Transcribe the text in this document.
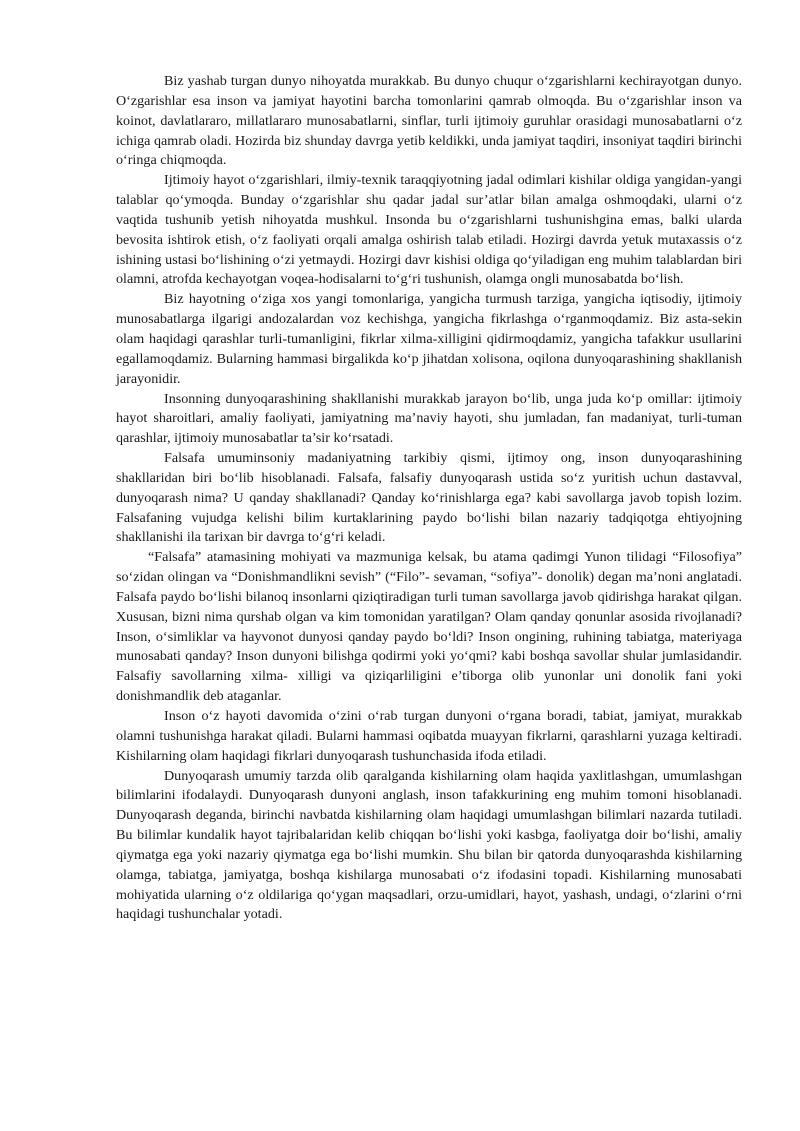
Biz yashab turgan dunyo nihoyatda murakkab. Bu dunyo chuqur o‘zgarishlarni kechirayotgan dunyo. O‘zgarishlar esa inson va jamiyat hayotini barcha tomonlarini qamrab olmoqda. Bu o‘zgarishlar inson va koinot, davlatlararo, millatlararo munosabatlarni, sinflar, turli ijtimoiy guruhlar orasidagi munosabatlarni o‘z ichiga qamrab oladi. Hozirda biz shunday davrga yetib keldikki, unda jamiyat taqdiri, insoniyat taqdiri birinchi o‘ringa chiqmoqda.

Ijtimoiy hayot o‘zgarishlari, ilmiy-texnik taraqqiyotning jadal odimlari kishilar oldiga yangidan-yangi talablar qo‘ymoqda. Bunday o‘zgarishlar shu qadar jadal sur’atlar bilan amalga oshmoqdaki, ularni o‘z vaqtida tushunib yetish nihoyatda mushkul. Insonda bu o‘zgarishlarni tushunishgina emas, balki ularda bevosita ishtirok etish, o‘z faoliyati orqali amalga oshirish talab etiladi. Hozirgi davrda yetuk mutaxassis o‘z ishining ustasi bo‘lishining o‘zi yetmaydi. Hozirgi davr kishisi oldiga qo‘yiladigan eng muhim talablardan biri olamni, atrofda kechayotgan voqea-hodisalarni to‘g‘ri tushunish, olamga ongli munosabatda bo‘lish.

Biz hayotning o‘ziga xos yangi tomonlariga, yangicha turmush tarziga, yangicha iqtisodiy, ijtimoiy munosabatlarga ilgarigi andozalardan voz kechishga, yangicha fikrlashga o‘rganmoqdamiz. Biz asta-sekin olam haqidagi qarashlar turli-tumanligini, fikrlar xilma-xilligini qidirmoqdamiz, yangicha tafakkur usullarini egallamoqdamiz. Bularning hammasi birgalikda ko‘p jihatdan xolisona, oqilona dunyoqarashining shakllanish jarayonidir.

Insonning dunyoqarashining shakllanishi murakkab jarayon bo‘lib, unga juda ko‘p omillar: ijtimoiy hayot sharoitlari, amaliy faoliyati, jamiyatning ma’naviy hayoti, shu jumladan, fan madaniyat, turli-tuman qarashlar, ijtimoiy munosabatlar ta’sir ko‘rsatadi.

Falsafa umuminsoniy madaniyatning tarkibiy qismi, ijtimoy ong, inson dunyoqarashining shakllaridan biri bo‘lib hisoblanadi. Falsafa, falsafiy dunyoqarash ustida so‘z yuritish uchun dastavval, dunyoqarash nima? U qanday shakllanadi? Qanday ko‘rinishlarga ega? kabi savollarga javob topish lozim. Falsafaning vujudga kelishi bilim kurtaklarining paydo bo‘lishi bilan nazariy tadqiqotga ehtiyojning shakllanishi ila tarixan bir davrga to‘g‘ri keladi.

“Falsafa” atamasining mohiyati va mazmuniga kelsak, bu atama qadimgi Yunon tilidagi “Filosofiya” so‘zidan olingan va “Donishmandlikni sevish” (“Filo”- sevaman, “sofiya”- donolik) degan ma’noni anglatadi. Falsafa paydo bo‘lishi bilanoq insonlarni qiziqtiradigan turli tuman savollarga javob qidirishga harakat qilgan. Xususan, bizni nima qurshab olgan va kim tomonidan yaratilgan? Olam qanday qonunlar asosida rivojlanadi? Inson, o‘simliklar va hayvonot dunyosi qanday paydo bo‘ldi? Inson ongining, ruhining tabiatga, materiyaga munosabati qanday? Inson dunyoni bilishga qodirmi yoki yo‘qmi? kabi boshqa savollar shular jumlasidandir. Falsafiy savollarning xilma- xilligi va qiziqarliligini e’tiborga olib yunonlar uni donolik fani yoki donishmandlik deb ataganlar.

Inson o‘z hayoti davomida o‘zini o‘rab turgan dunyoni o‘rgana boradi, tabiat, jamiyat, murakkab olamni tushunishga harakat qiladi. Bularni hammasi oqibatda muayyan fikrlarni, qarashlarni yuzaga keltiradi. Kishilarning olam haqidagi fikrlari dunyoqarash tushunchasida ifoda etiladi.

Dunyoqarash umumiy tarzda olib qaralganda kishilarning olam haqida yaxlitlashgan, umumlashgan bilimlarini ifodalaydi. Dunyoqarash dunyoni anglash, inson tafakkurining eng muhim tomoni hisoblanadi. Dunyoqarash deganda, birinchi navbatda kishilarning olam haqidagi umumlashgan bilimlari nazarda tutiladi. Bu bilimlar kundalik hayot tajribalaridan kelib chiqqan bo‘lishi yoki kasbga, faoliyatga doir bo‘lishi, amaliy qiymatga ega yoki nazariy qiymatga ega bo‘lishi mumkin. Shu bilan bir qatorda dunyoqarashda kishilarning olamga, tabiatga, jamiyatga, boshqa kishilarga munosabati o‘z ifodasini topadi. Kishilarning munosabati mohiyatida ularning o‘z oldilariga qo‘ygan maqsadlari, orzu-umidlari, hayot, yashash, undagi, o‘zlarini o‘rni haqidagi tushunchalar yotadi.
